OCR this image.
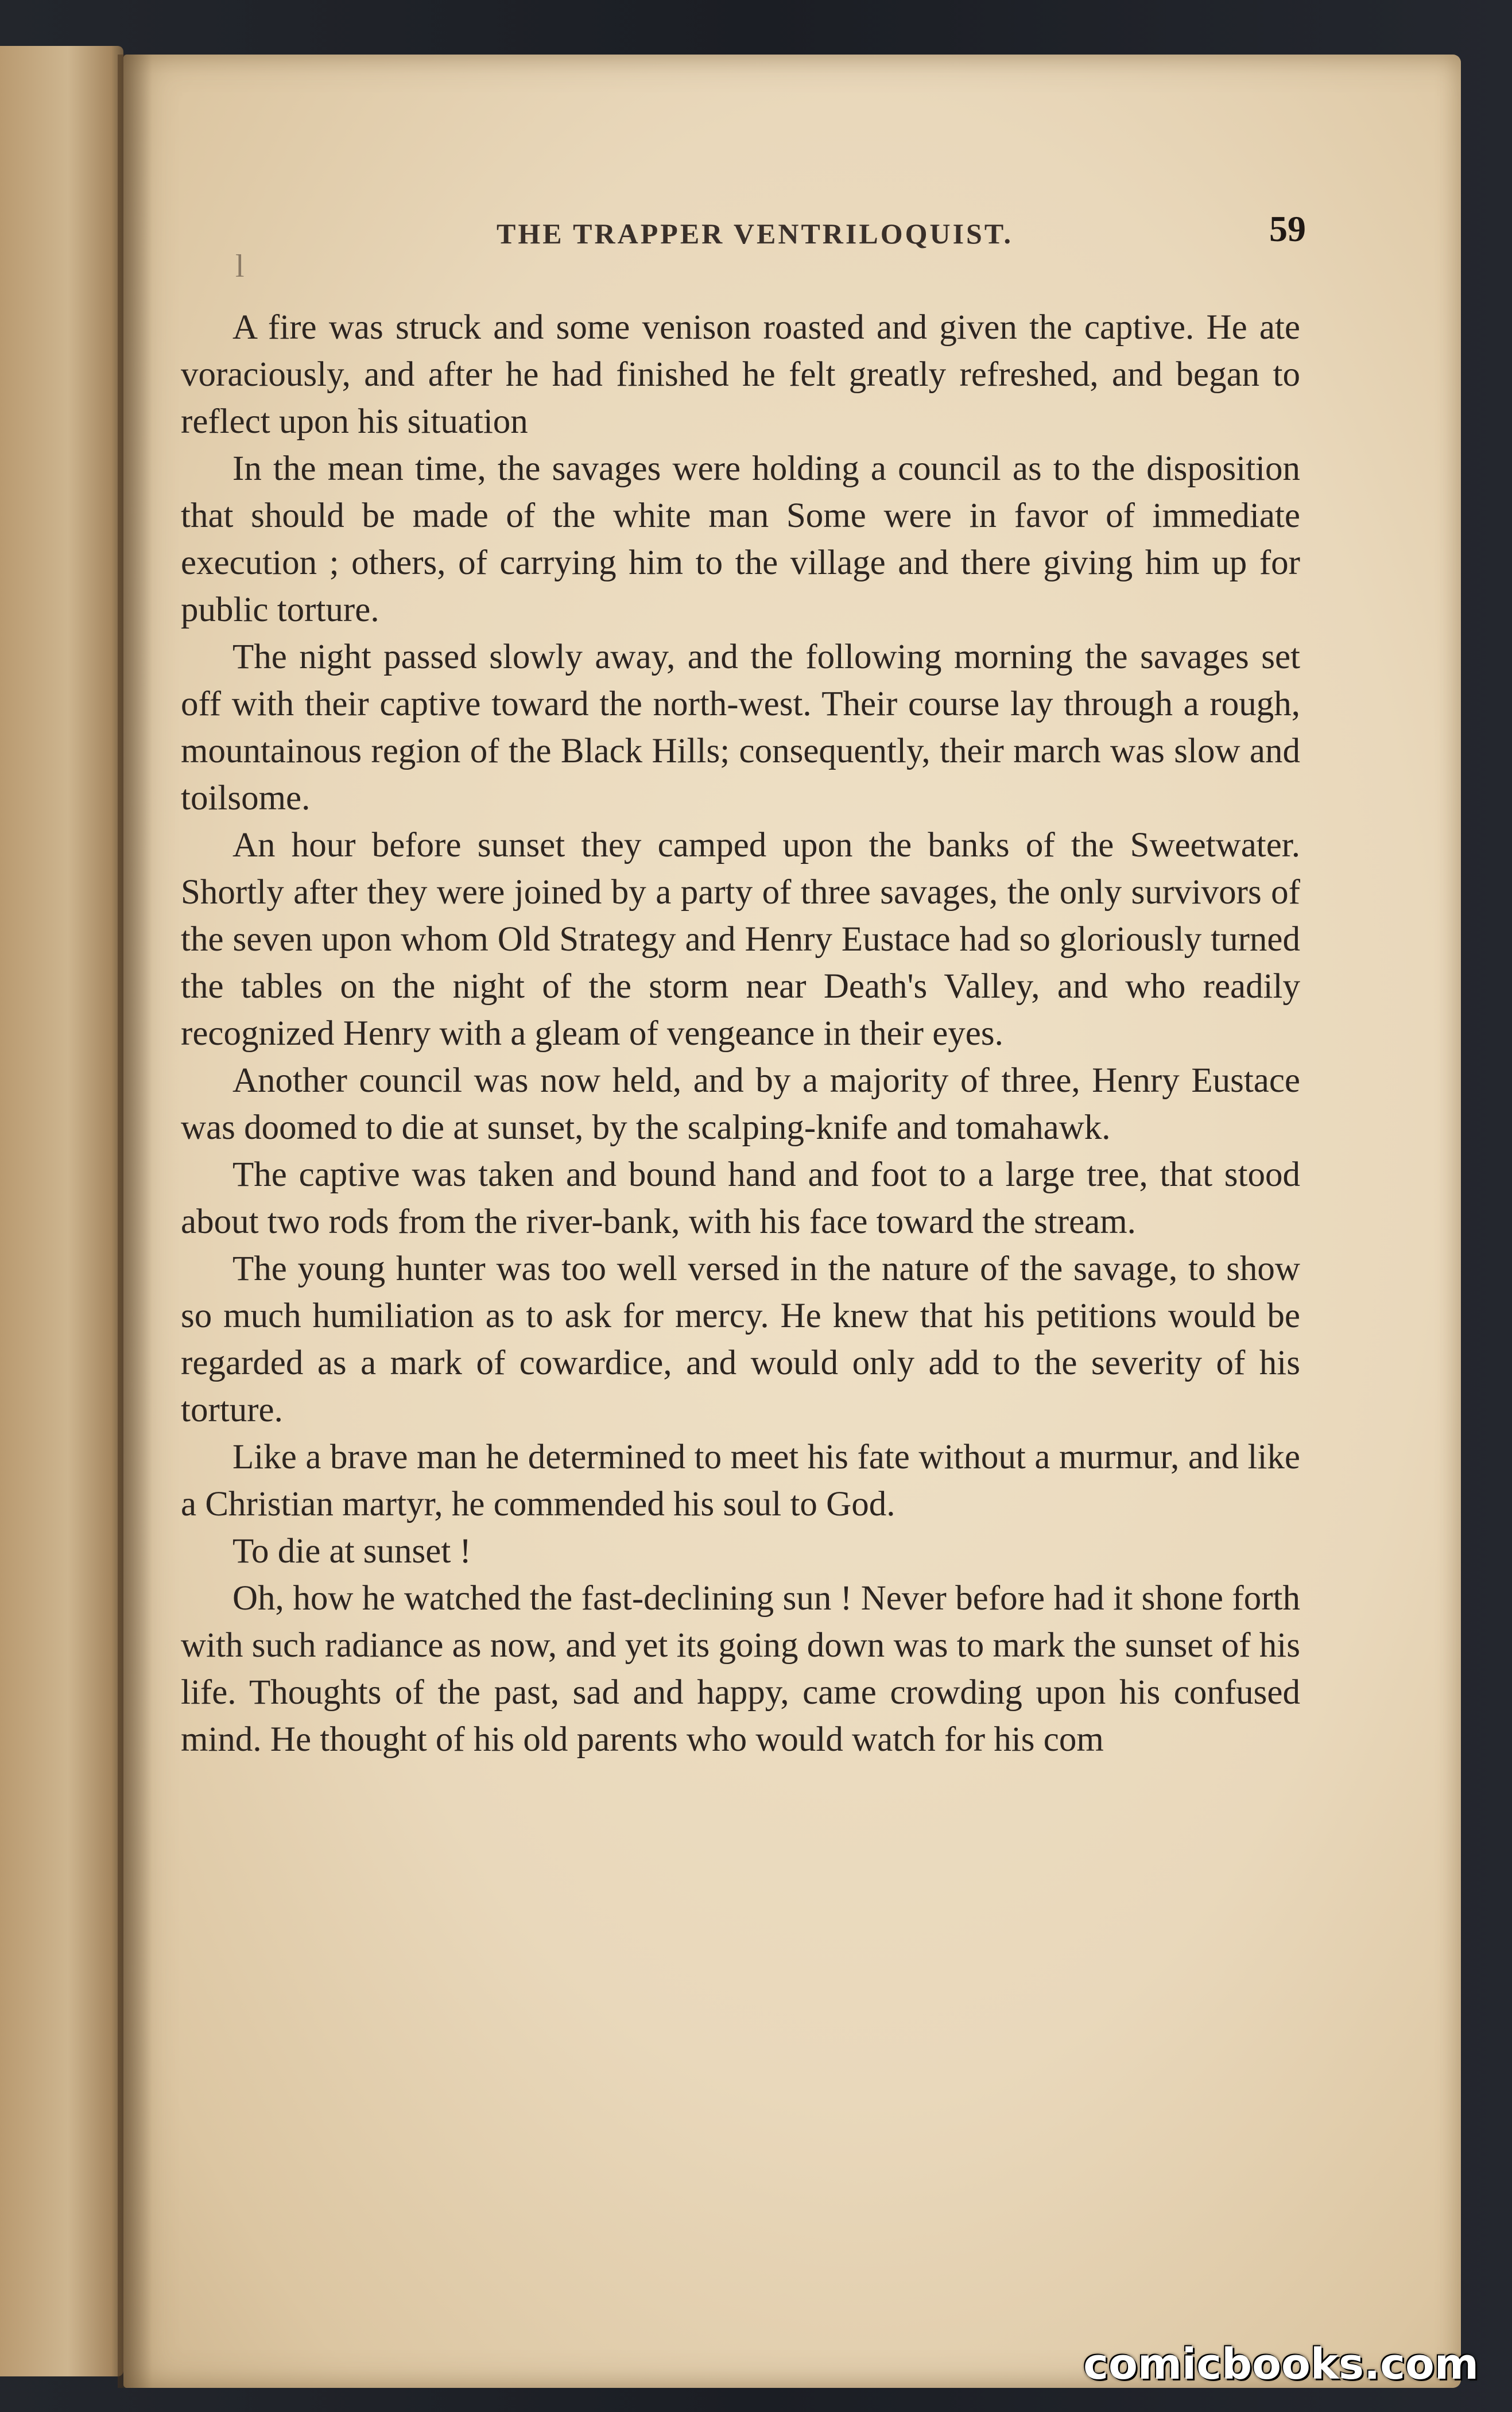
THE TRAPPER VENTRILOQUIST.	59
l

A fire was struck and some venison roasted and given the captive. He ate voraciously, and after he had finished he felt greatly refreshed, and began to reflect upon his situation

In the mean time, the savages were holding a council as to the disposition that should be made of the white man Some were in favor of immediate execution ; others, of carrying him to the village and there giving him up for public torture.

The night passed slowly away, and the following morning the savages set off with their captive toward the north-west. Their course lay through a rough, mountainous region of the Black Hills; consequently, their march was slow and toilsome.

An hour before sunset they camped upon the banks of the Sweetwater. Shortly after they were joined by a party of three savages, the only survivors of the seven upon whom Old Strategy and Henry Eustace had so gloriously turned the tables on the night of the storm near Death's Valley, and who readily recognized Henry with a gleam of vengeance in their eyes.

Another council was now held, and by a majority of three, Henry Eustace was doomed to die at sunset, by the scalping-knife and tomahawk.

The captive was taken and bound hand and foot to a large tree, that stood about two rods from the river-bank, with his face toward the stream.

The young hunter was too well versed in the nature of the savage, to show so much humiliation as to ask for mercy. He knew that his petitions would be regarded as a mark of cowardice, and would only add to the severity of his torture.

Like a brave man he determined to meet his fate without a murmur, and like a Christian martyr, he commended his soul to God.

To die at sunset !

Oh, how he watched the fast-declining sun ! Never before had it shone forth with such radiance as now, and yet its going down was to mark the sunset of his life. Thoughts of the past, sad and happy, came crowding upon his confused mind. He thought of his old parents who would watch for his com

comicbooks.com
